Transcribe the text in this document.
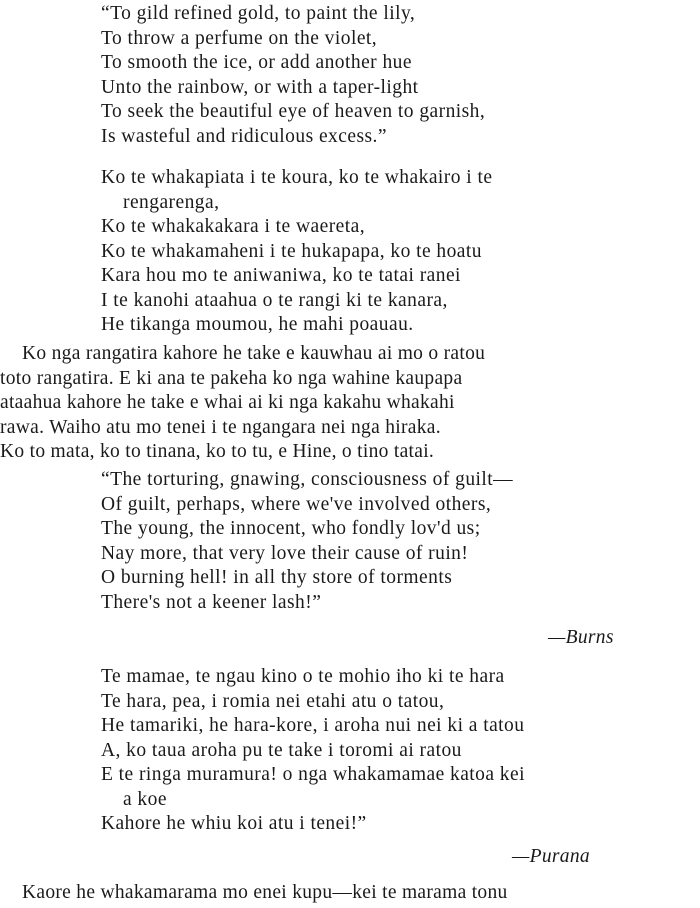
“To gild refined gold, to paint the lily,
To throw a perfume on the violet,
To smooth the ice, or add another hue
Unto the rainbow, or with a taper-light
To seek the beautiful eye of heaven to garnish,
Is wasteful and ridiculous excess.”
Ko te whakapiata i te koura, ko te whakairo i te
rengarenga,
Ko te whakakakara i te waereta,
Ko te whakamaheni i te hukapapa, ko te hoatu
Kara hou mo te aniwaniwa, ko te tatai ranei
I te kanohi ataahua o te rangi ki te kanara,
He tikanga moumou, he mahi poauau.
Ko nga rangatira kahore he take e kauwhau ai mo o ratou
toto rangatira. E ki ana te pakeha ko nga wahine kaupapa
ataahua kahore he take e whai ai ki nga kakahu whakahi
rawa. Waiho atu mo tenei i te ngangara nei nga hiraka.
Ko to mata, ko to tinana, ko to tu, e Hine, o tino tatai.
“The torturing, gnawing, consciousness of guilt—
Of guilt, perhaps, where we've involved others,
The young, the innocent, who fondly lov'd us;
Nay more, that very love their cause of ruin!
O burning hell! in all thy store of torments
There's not a keener lash!”
—Burns
Te mamae, te ngau kino o te mohio iho ki te hara
Te hara, pea, i romia nei etahi atu o tatou,
He tamariki, he hara-kore, i aroha nui nei ki a tatou
A, ko taua aroha pu te take i toromi ai ratou
E te ringa muramura! o nga whakamamae katoa kei
a koe
Kahore he whiu koi atu i tenei!”
—Purana
Kaore he whakamarama mo enei kupu—kei te marama tonu
